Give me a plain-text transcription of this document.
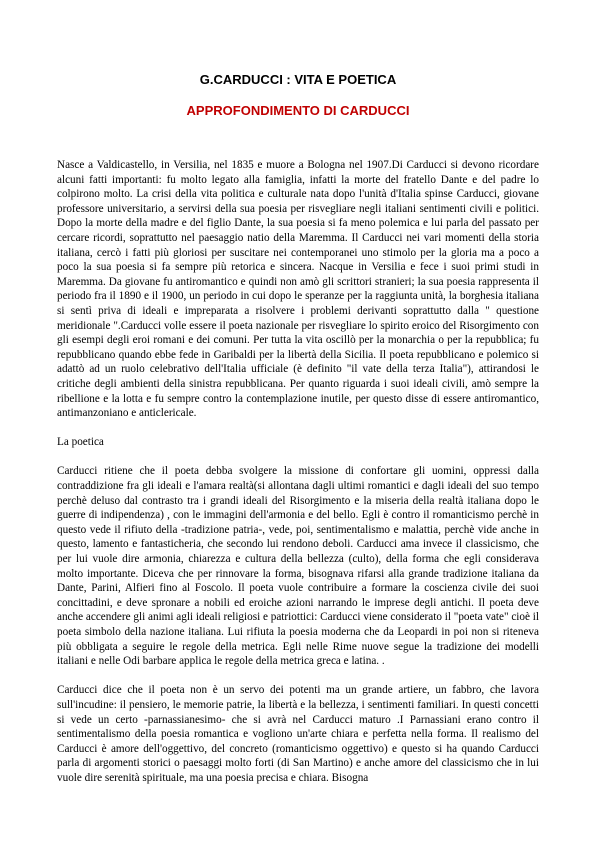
G.CARDUCCI : VITA E POETICA
APPROFONDIMENTO DI CARDUCCI

Nasce a Valdicastello, in Versilia, nel 1835 e muore a Bologna nel 1907.Di Carducci si devono ricordare alcuni fatti importanti: fu molto legato alla famiglia, infatti la morte del fratello Dante e del padre lo colpirono molto. La crisi della vita politica e culturale nata dopo l'unità d'Italia spinse Carducci, giovane professore universitario, a servirsi della sua poesia per risvegliare negli italiani sentimenti civili e politici. Dopo la morte della madre e del figlio Dante, la sua poesia si fa meno polemica e lui parla del passato per cercare ricordi, soprattutto nel paesaggio natio della Maremma. Il Carducci nei vari momenti della storia italiana, cercò i fatti più gloriosi per suscitare nei contemporanei uno stimolo per la gloria ma a poco a poco la sua poesia si fa sempre più retorica e sincera. Nacque in Versilia e fece i suoi primi studi in Maremma. Da giovane fu antiromantico e quindi non amò gli scrittori stranieri; la sua poesia rappresenta il periodo fra il 1890 e il 1900, un periodo in cui dopo le speranze per la raggiunta unità, la borghesia italiana si sentì priva di ideali e impreparata a risolvere i problemi derivanti soprattutto dalla " questione meridionale ".Carducci volle essere il poeta nazionale per risvegliare lo spirito eroico del Risorgimento con gli esempi degli eroi romani e dei comuni. Per tutta la vita oscillò per la monarchia o per la repubblica; fu repubblicano quando ebbe fede in Garibaldi per la libertà della Sicilia. Il poeta repubblicano e polemico si adattò ad un ruolo celebrativo dell'Italia ufficiale (è definito "il vate della terza Italia"), attirandosi le critiche degli ambienti della sinistra repubblicana. Per quanto riguarda i suoi ideali civili, amò sempre la ribellione e la lotta e fu sempre contro la contemplazione inutile, per questo disse di essere antiromantico, antimanzoniano e anticlericale.

La poetica

Carducci ritiene che il poeta debba svolgere la missione di confortare gli uomini, oppressi dalla contraddizione fra gli ideali e l'amara realtà(si allontana dagli ultimi romantici e dagli ideali del suo tempo perchè deluso dal contrasto tra i grandi ideali del Risorgimento e la miseria della realtà italiana dopo le guerre di indipendenza) , con le immagini dell'armonia e del bello. Egli è contro il romanticismo perchè in questo vede il rifiuto della -tradizione patria-, vede, poi, sentimentalismo e malattia, perchè vide anche in questo, lamento e fantasticheria, che secondo lui rendono deboli. Carducci ama invece il classicismo, che per lui vuole dire armonia, chiarezza e cultura della bellezza (culto), della forma che egli considerava molto importante. Diceva che per rinnovare la forma, bisognava rifarsi alla grande tradizione italiana da Dante, Parini, Alfieri fino al Foscolo. Il poeta vuole contribuire a formare la coscienza civile dei suoi concittadini, e deve spronare a nobili ed eroiche azioni narrando le imprese degli antichi. Il poeta deve anche accendere gli animi agli ideali religiosi e patriottici: Carducci viene considerato il "poeta vate" cioè il poeta simbolo della nazione italiana. Lui rifiuta la poesia moderna che da Leopardi in poi non si riteneva più obbligata a seguire le regole della metrica. Egli nelle Rime nuove segue la tradizione dei modelli italiani e nelle Odi barbare applica le regole della metrica greca e latina. .

Carducci dice che il poeta non è un servo dei potenti ma un grande artiere, un fabbro, che lavora sull'incudine: il pensiero, le memorie patrie, la libertà e la bellezza, i sentimenti familiari. In questi concetti si vede un certo -parnassianesimo- che si avrà nel Carducci maturo .I Parnassiani erano contro il sentimentalismo della poesia romantica e vogliono un'arte chiara e perfetta nella forma. Il realismo del Carducci è amore dell'oggettivo, del concreto (romanticismo oggettivo) e questo si ha quando Carducci parla di argomenti storici o paesaggi molto forti (di San Martino) e anche amore del classicismo che in lui vuole dire serenità spirituale, ma una poesia precisa e chiara. Bisogna
